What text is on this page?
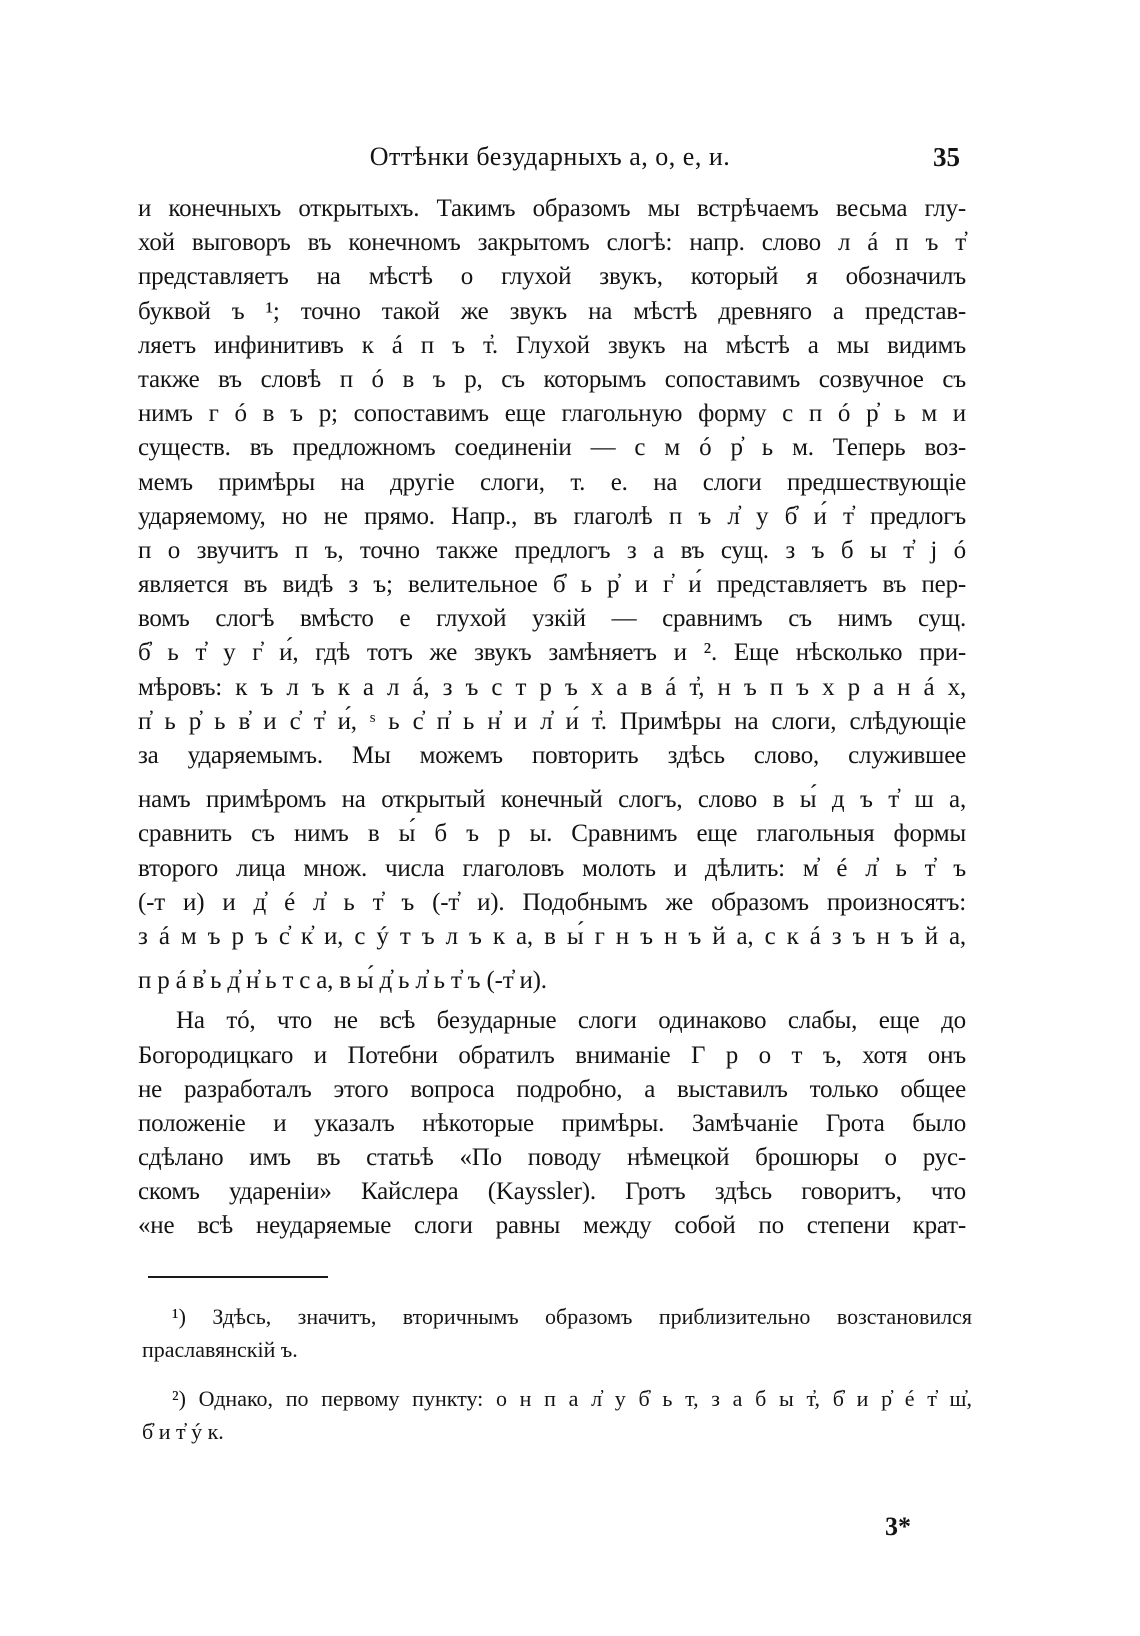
Оттѣнки безударныхъ а, о, е, и.	35
и конечныхъ открытыхъ. Такимъ образомъ мы встрѣчаемъ весьма глу-
хой выговоръ въ конечномъ закрытомъ слогѣ: напр. слово л á п ъ т̓
представляетъ на мѣстѣ о глухой звукъ, который я обозначилъ
буквой ъ ¹; точно такой же звукъ на мѣстѣ древняго а представ-
ляетъ инфинитивъ к á п ъ т̓. Глухой звукъ на мѣстѣ а мы видимъ
также въ словѣ п ó в ъ р, съ которымъ сопоставимъ созвучное съ
нимъ г ó в ъ р; сопоставимъ еще глагольную форму с п ó р̓ ь м и
существ. въ предложномъ соединеніи — с м ó р̓ ь м. Теперь воз-
мемъ примѣры на другіе слоги, т. е. на слоги предшествующіе
ударяемому, но не прямо. Напр., въ глаголѣ п ъ л̓ у б̓ и́ т̓ предлогъ
п о звучитъ п ъ, точно также предлогъ з а въ сущ. з ъ б ы т̓ j ó
является въ видѣ з ъ; велительное б̓ ь р̓ и г̓ и́ представляетъ въ пер-
вомъ слогѣ вмѣсто е глухой узкій — сравнимъ съ нимъ сущ.
б̓ ь т̓ у г̓ и́, гдѣ тотъ же звукъ замѣняетъ и ². Еще нѣсколько при-
мѣровъ: к ъ л ъ к а л á, з ъ с т р ъ х а в á т̓, н ъ п ъ х р а н á х,
п̓ ь р̓ ь в̓ и с̓ т̓ и́, ˢ ь с̓ п̓ ь н̓ и л̓ и́ т̓. Примѣры на слоги, слѣдующіе
за ударяемымъ. Мы можемъ повторить здѣсь слово, служившее
намъ примѣромъ на открытый конечный слогъ, слово в ы́ д ъ т̓ ш а,
сравнить съ нимъ в ы́ б ъ р ы. Сравнимъ еще глагольныя формы
второго лица множ. числа глаголовъ молоть и дѣлить: м̓ é л̓ ь т̓ ъ
(-т и) и д̓ é л̓ ь т̓ ъ (-т̓ и). Подобнымъ же образомъ произносятъ:
з á м ъ р ъ с̓ к̓ и, с ý т ъ л ъ к а, в ы́ г н ъ н ъ й а, с к á з ъ н ъ й а,
п р á в̓ ь д̓ н̓ ь т с а, в ы́ д̓ ь л̓ ь т̓ ъ (-т̓ и).
На тó, что не всѣ безударные слоги одинаково слабы, еще до
Богородицкаго и Потебни обратилъ вниманіе Г р о т ъ, хотя онъ
не разработалъ этого вопроса подробно, а выставилъ только общее
положеніе и указалъ нѣкоторые примѣры. Замѣчаніе Грота было
сдѣлано имъ въ статьѣ «По поводу нѣмецкой брошюры о рус-
скомъ удареніи» Кайслера (Kayssler). Гротъ здѣсь говоритъ, что
«не всѣ неударяемые слоги равны между собой по степени крат-
¹) Здѣсь, значитъ, вторичнымъ образомъ приблизительно возстановился
праславянскій ъ.
²) Однако, по первому пункту: о н п а л̓ у б̓ ь т, з а б ы т̓, б̓ и р̓ é т̓ ш̓,
б̓ и т̓ ý к.
3*
